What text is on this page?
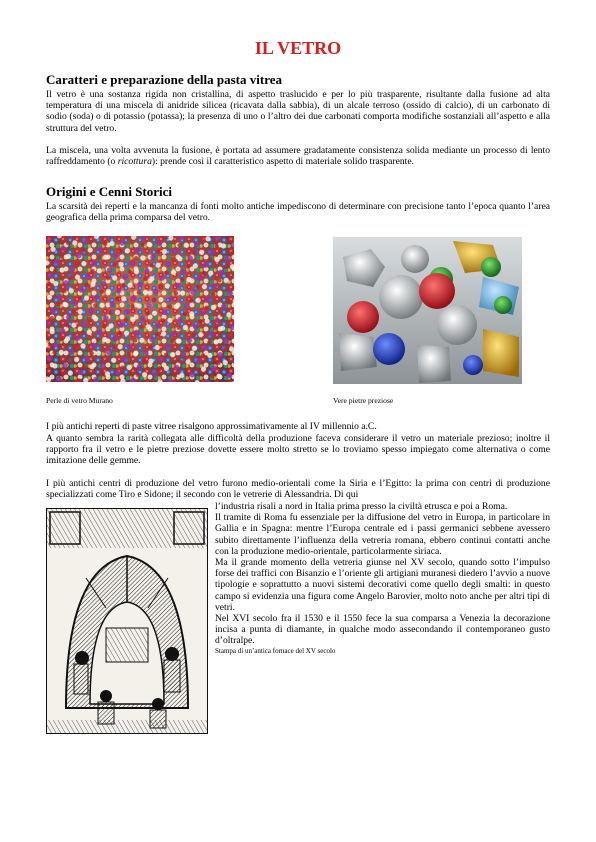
IL VETRO
Caratteri e preparazione della pasta vitrea

Il vetro è una sostanza rigida non cristallina, di aspetto traslucido e per lo più trasparente, risultante dalla fusione ad alta temperatura di una miscela di anidride silicea (ricavata dalla sabbia), di un alcale terroso (ossido di calcio), di un carbonato di sodio (soda) o di potassio (potassa); la presenza di uno o l’altro dei due carbonati comporta modifiche sostanziali all’aspetto e alla struttura del vetro.

La miscela, una volta avvenuta la fusione, è portata ad assumere gradatamente consistenza solida mediante un processo di lento raffreddamento (o ricottura): prende così il caratteristico aspetto di materiale solido trasparente.

Origini e Cenni Storici

La scarsità dei reperti e la mancanza di fonti molto antiche impediscono di determinare con precisione tanto l’epoca quanto l’area geografica della prima comparsa del vetro.

Perle di vetro Murano	Vere pietre preziose

I più antichi reperti di paste vitree risalgono approssimativamente al IV millennio a.C.

A quanto sembra la rarità collegata alle difficoltà della produzione faceva considerare il vetro un materiale prezioso; inoltre il rapporto fra il vetro e le pietre preziose dovette essere molto stretto se lo troviamo spesso impiegato come alternativa o come imitazione delle gemme.

I più antichi centri di produzione del vetro furono medio-orientali come la Siria e l’Egitto: la prima con centri di produzione specializzati come Tiro e Sidone; il secondo con le vetrerie di Alessandria. Di qui

l’industria risalì a nord in Italia prima presso la civiltà etrusca e poi a Roma.

Il tramite di Roma fu essenziale per la diffusione del vetro in Europa, in particolare in Gallia e in Spagna: mentre l’Europa centrale ed i passi germanici sebbene avessero subito direttamente l’influenza della vetreria romana, ebbero continui contatti anche con la produzione medio-orientale, particolarmente siriaca.

Ma il grande momento della vetreria giunse nel XV secolo, quando sotto l’impulso forse dei traffici con Bisanzio e l’oriente gli artigiani muranesi diedero l’avvio a nuove tipologie e soprattutto a nuovi sistemi decorativi come quello degli smalti: in questo campo si evidenzia una figura come Angelo Barovier, molto noto anche per altri tipi di vetri.

Nel XVI secolo fra il 1530 e il 1550 fece la sua comparsa a Venezia la decorazione incisa a punta di diamante, in qualche modo assecondando il contemporaneo gusto d’oltralpe.

Stampa di un’antica fornace del XV secolo
